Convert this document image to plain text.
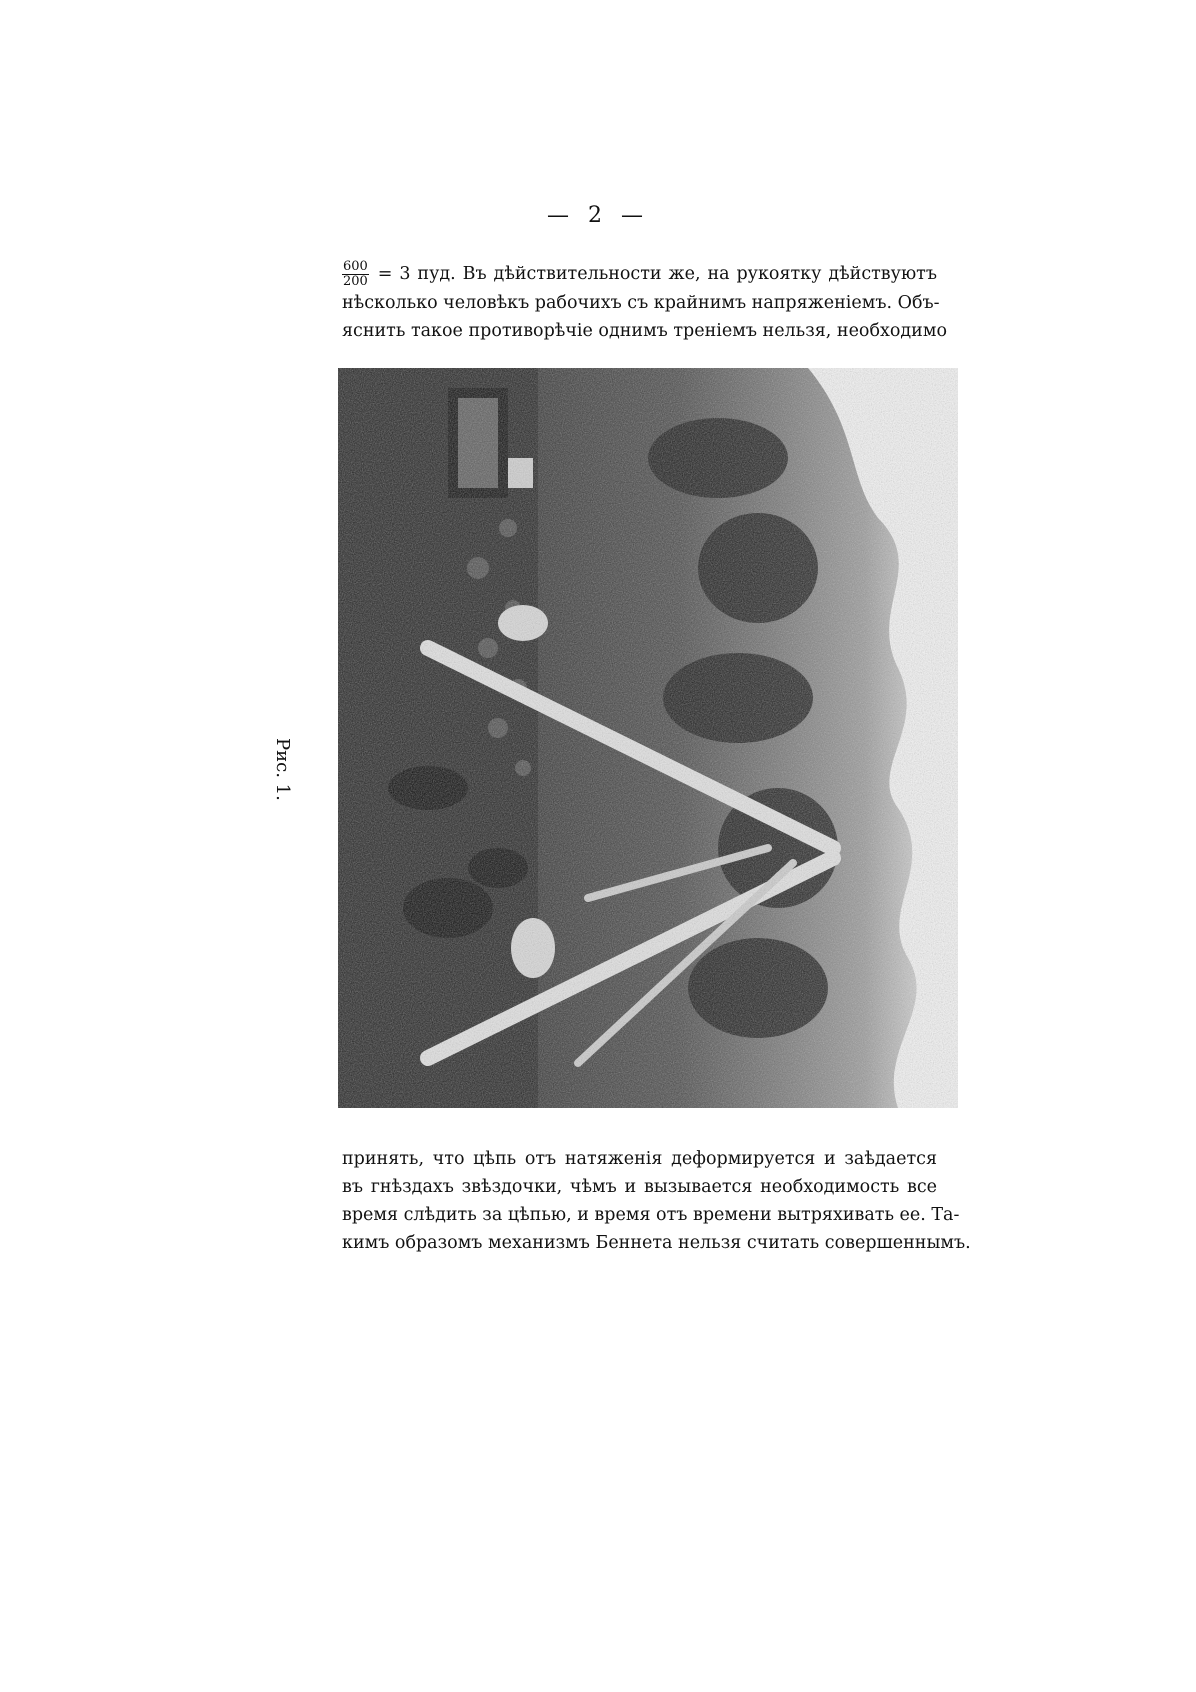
— 2 —
$\frac{600}{200} = 3$ пуд. Въ дѣйствительности же, на рукоятку дѣйствуютъ
нѣсколько человѣкъ рабочихъ съ крайнимъ напряженіемъ. Объ-
яснить такое противорѣчіе однимъ треніемъ нельзя, необходимо
Рис. 1.
принять, что цѣпь отъ натяженія деформируется и заѣдается
въ гнѣздахъ звѣздочки, чѣмъ и вызывается необходимость все
время слѣдить за цѣпью, и время отъ времени вытряхивать ее. Та-
кимъ образомъ механизмъ Беннета нельзя считать совершеннымъ.
